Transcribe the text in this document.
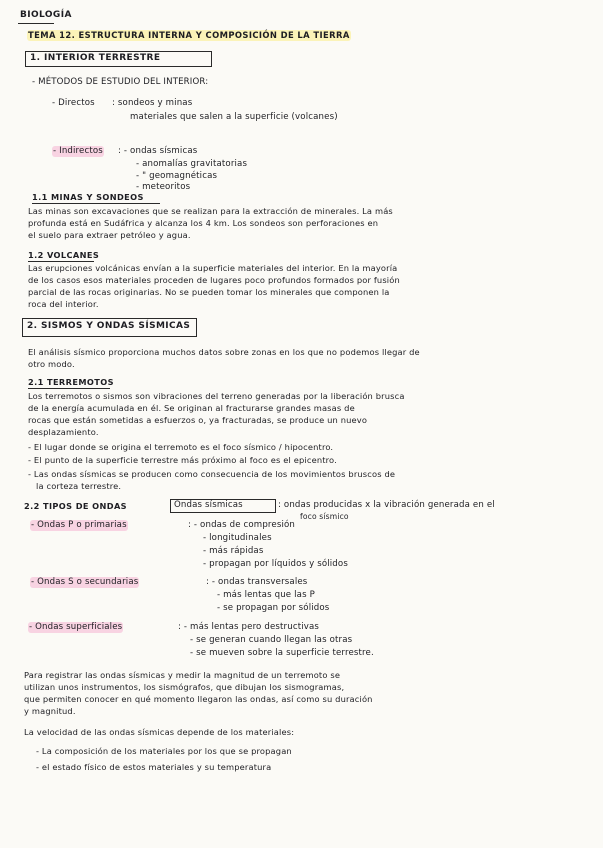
BIOLOGÍA
TEMA 12. ESTRUCTURA INTERNA Y COMPOSICIÓN DE LA TIERRA
1. INTERIOR TERRESTRE
- MÉTODOS DE ESTUDIO DEL INTERIOR:
- Directos : sondeos y minas
materiales que salen a la superficie (volcanes)
- Indirectos : - ondas sísmicas
- anomalías gravitatorias
- " geomagnéticas
- meteoritos
1.1 MINAS Y SONDEOS
Las minas son excavaciones que se realizan para la extracción de minerales. La más
profunda está en Sudáfrica y alcanza los 4 km. Los sondeos son perforaciones en
el suelo para extraer petróleo y agua.
1.2 VOLCANES
Las erupciones volcánicas envían a la superficie materiales del interior. En la mayoría
de los casos esos materiales proceden de lugares poco profundos formados por fusión
parcial de las rocas originarias. No se pueden tomar los minerales que componen la
roca del interior.
2. SISMOS Y ONDAS SÍSMICAS
El análisis sísmico proporciona muchos datos sobre zonas en los que no podemos llegar de
otro modo.
2.1 TERREMOTOS
Los terremotos o sismos son vibraciones del terreno generadas por la liberación brusca
de la energía acumulada en él. Se originan al fracturarse grandes masas de
rocas que están sometidas a esfuerzos o, ya fracturadas, se produce un nuevo
desplazamiento.
- El lugar donde se origina el terremoto es el foco sísmico / hipocentro.
- El punto de la superficie terrestre más próximo al foco es el epicentro.
- Las ondas sísmicas se producen como consecuencia de los movimientos bruscos de
la corteza terrestre.
2.2 TIPOS DE ONDAS	Ondas sísmicas	: ondas producidas x la vibración generada en el
foco sísmico
- Ondas P o primarias	: - ondas de compresión
- longitudinales
- más rápidas
- propagan por líquidos y sólidos
- Ondas S o secundarias	: - ondas transversales
- más lentas que las P
- se propagan por sólidos
- Ondas superficiales	: - más lentas pero destructivas
- se generan cuando llegan las otras
- se mueven sobre la superficie terrestre.
Para registrar las ondas sísmicas y medir la magnitud de un terremoto se
utilizan unos instrumentos, los sismógrafos, que dibujan los sismogramas,
que permiten conocer en qué momento llegaron las ondas, así como su duración
y magnitud.
La velocidad de las ondas sísmicas depende de los materiales:
- La composición de los materiales por los que se propagan
- el estado físico de estos materiales y su temperatura
